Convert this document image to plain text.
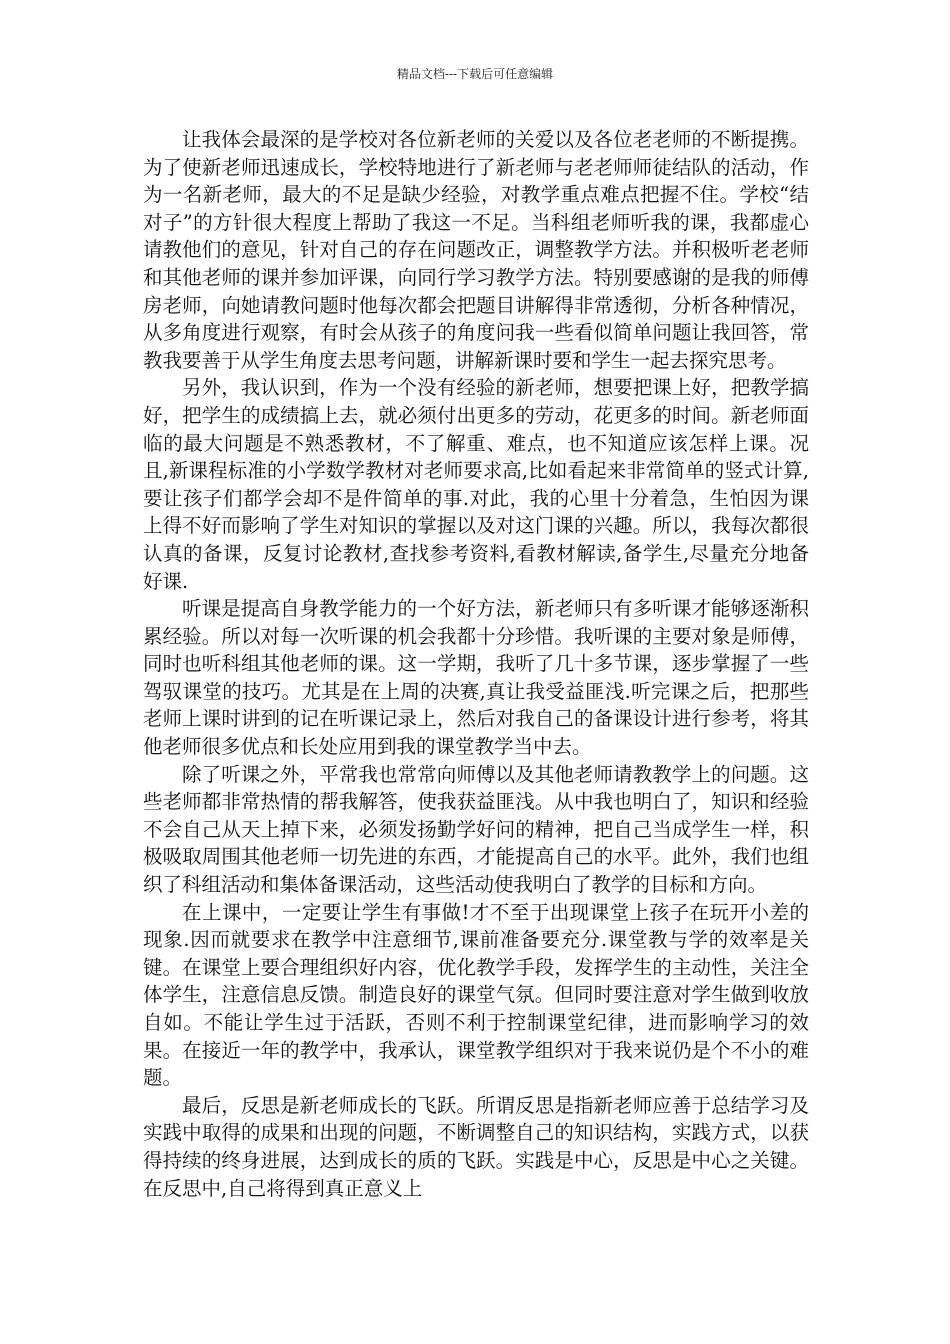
精品文档---下载后可任意编辑

让我体会最深的是学校对各位新老师的关爱以及各位老老师的不断提携。为了使新老师迅速成长，学校特地进行了新老师与老老师师徒结队的活动，作为一名新老师，最大的不足是缺少经验，对教学重点难点把握不住。学校“结对子”的方针很大程度上帮助了我这一不足。当科组老师听我的课，我都虚心请教他们的意见，针对自己的存在问题改正，调整教学方法。并积极听老老师和其他老师的课并参加评课，向同行学习教学方法。特别要感谢的是我的师傅房老师，向她请教问题时他每次都会把题目讲解得非常透彻，分析各种情况，从多角度进行观察，有时会从孩子的角度问我一些看似简单问题让我回答，常教我要善于从学生角度去思考问题，讲解新课时要和学生一起去探究思考。

另外，我认识到，作为一个没有经验的新老师，想要把课上好，把教学搞好，把学生的成绩搞上去，就必须付出更多的劳动，花更多的时间。新老师面临的最大问题是不熟悉教材，不了解重、难点，也不知道应该怎样上课。况且,新课程标准的小学数学教材对老师要求高,比如看起来非常简单的竖式计算,要让孩子们都学会却不是件简单的事.对此，我的心里十分着急，生怕因为课上得不好而影响了学生对知识的掌握以及对这门课的兴趣。所以，我每次都很认真的备课，反复讨论教材,查找参考资料,看教材解读,备学生,尽量充分地备好课.

听课是提高自身教学能力的一个好方法，新老师只有多听课才能够逐渐积累经验。所以对每一次听课的机会我都十分珍惜。我听课的主要对象是师傅，同时也听科组其他老师的课。这一学期，我听了几十多节课，逐步掌握了一些驾驭课堂的技巧。尤其是在上周的决赛,真让我受益匪浅.听完课之后，把那些老师上课时讲到的记在听课记录上，然后对我自己的备课设计进行参考，将其他老师很多优点和长处应用到我的课堂教学当中去。

除了听课之外，平常我也常常向师傅以及其他老师请教教学上的问题。这些老师都非常热情的帮我解答，使我获益匪浅。从中我也明白了，知识和经验不会自己从天上掉下来，必须发扬勤学好问的精神，把自己当成学生一样，积极吸取周围其他老师一切先进的东西，才能提高自己的水平。此外，我们也组织了科组活动和集体备课活动，这些活动使我明白了教学的目标和方向。

在上课中，一定要让学生有事做!才不至于出现课堂上孩子在玩开小差的现象.因而就要求在教学中注意细节,课前准备要充分.课堂教与学的效率是关键。在课堂上要合理组织好内容，优化教学手段，发挥学生的主动性，关注全体学生，注意信息反馈。制造良好的课堂气氛。但同时要注意对学生做到收放自如。不能让学生过于活跃，否则不利于控制课堂纪律，进而影响学习的效果。在接近一年的教学中，我承认，课堂教学组织对于我来说仍是个不小的难题。

最后，反思是新老师成长的飞跃。所谓反思是指新老师应善于总结学习及实践中取得的成果和出现的问题，不断调整自己的知识结构，实践方式，以获得持续的终身进展，达到成长的质的飞跃。实践是中心，反思是中心之关键。在反思中,自己将得到真正意义上
